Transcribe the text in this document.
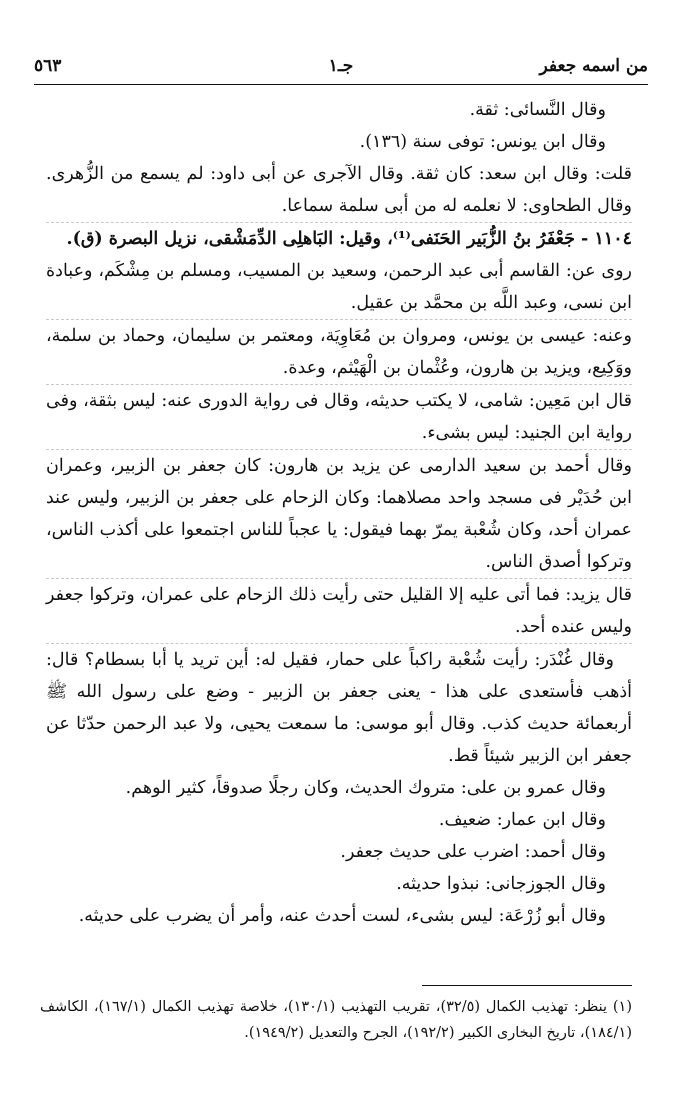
من اسمه جعفر
جـ١
٥٦٣

وقال النَّسائى: ثقة.

وقال ابن يونس: توفى سنة (١٣٦).

قلت: وقال ابن سعد: كان ثقة. وقال الآجرى عن أبى داود: لم يسمع من الزُّهرى. وقال الطحاوى: لا نعلمه له من أبى سلمة سماعا.

١١٠٤ - جَعْفَرُ بنُ الزُّبَير الحَنَفى⁽¹⁾، وقيل: البَاهلِى الدِّمَشْقى، نزيل البصرة (ق).

روى عن: القاسم أبى عبد الرحمن، وسعيد بن المسيب، ومسلم بن مِشْكَم، وعبادة ابن نسى، وعبد اللَّه بن محمَّد بن عقيل.

وعنه: عيسى بن يونس، ومروان بن مُعَاوِيَة، ومعتمر بن سليمان، وحماد بن سلمة، ووَكِيع، ويزيد بن هارون، وعُثْمان بن الْهَيْثم، وعدة.

قال ابن مَعِين: شامى، لا يكتب حديثه، وقال فى رواية الدورى عنه: ليس بثقة، وفى رواية ابن الجنيد: ليس بشىء.

وقال أحمد بن سعيد الدارمى عن يزيد بن هارون: كان جعفر بن الزبير، وعمران ابن حُدَيْر فى مسجد واحد مصلاهما: وكان الزحام على جعفر بن الزبير، وليس عند عمران أحد، وكان شُعْبة يمرّ بهما فيقول: يا عجباً للناس اجتمعوا على أكذب الناس، وتركوا أصدق الناس.

قال يزيد: فما أتى عليه إلا القليل حتى رأيت ذلك الزحام على عمران، وتركوا جعفر وليس عنده أحد.

وقال غُنْدَر: رأيت شُعْبة راكباً على حمار، فقيل له: أين تريد يا أبا بسطام؟ قال: أذهب فأستعدى على هذا - يعنى جعفر بن الزبير - وضع على رسول الله ﷺ أربعمائة حديث كذب. وقال أبو موسى: ما سمعت يحيى، ولا عبد الرحمن حدّثا عن جعفر ابن الزبير شيئاً قط.

وقال عمرو بن على: متروك الحديث، وكان رجلًا صدوقاً، كثير الوهم.

وقال ابن عمار: ضعيف.

وقال أحمد: اضرب على حديث جعفر.

وقال الجوزجانى: نبذوا حديثه.

وقال أبو زُرْعَة: ليس بشىء، لست أحدث عنه، وأمر أن يضرب على حديثه.

(١) ينظر: تهذيب الكمال (٣٢/٥)، تقريب التهذيب (١٣٠/١)، خلاصة تهذيب الكمال (١٦٧/١)، الكاشف (١٨٤/١)، تاريخ البخارى الكبير (١٩٢/٢)، الجرح والتعديل (١٩٤٩/٢).
